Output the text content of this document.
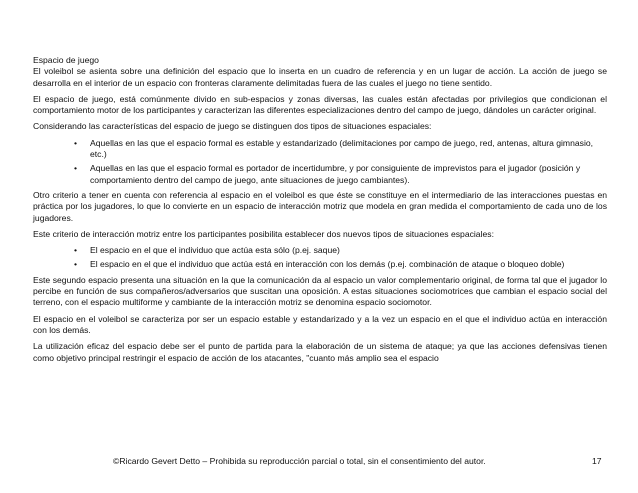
Espacio de juego

El voleibol se asienta sobre una definición del espacio que lo inserta en un cuadro de referencia y en un lugar de acción. La acción de juego se desarrolla en el interior de un espacio con fronteras claramente delimitadas fuera de las cuales el juego no tiene sentido.

El espacio de juego, está comúnmente divido en sub-espacios y zonas diversas, las cuales están afectadas por privilegios que condicionan el comportamiento motor de los participantes y caracterizan las diferentes especializaciones dentro del campo de juego, dándoles un carácter original.

Considerando las características del espacio de juego se distinguen dos tipos de situaciones espaciales:

• Aquellas en las que el espacio formal es estable y estandarizado (delimitaciones por campo de juego, red, antenas, altura gimnasio, etc.)
• Aquellas en las que el espacio formal es portador de incertidumbre, y por consiguiente de imprevistos para el jugador (posición y comportamiento dentro del campo de juego, ante situaciones de juego cambiantes).

Otro criterio a tener en cuenta con referencia al espacio en el voleibol es que éste se constituye en el intermediario de las interacciones puestas en práctica por los jugadores, lo que lo convierte en un espacio de interacción motriz que modela en gran medida el comportamiento de cada uno de los jugadores.

Este criterio de interacción motriz entre los participantes posibilita establecer dos nuevos tipos de situaciones espaciales:

• El espacio en el que el individuo que actúa esta sólo (p.ej. saque)
• El espacio en el que el individuo que actúa está en interacción con los demás (p.ej. combinación de ataque o bloqueo doble)

Este segundo espacio presenta una situación en la que la comunicación da al espacio un valor complementario original, de forma tal que el jugador lo percibe en función de sus compañeros/adversarios que suscitan una oposición. A estas situaciones sociomotrices que cambian el espacio social del terreno, con el espacio multiforme y cambiante de la interacción motriz se denomina espacio sociomotor.

El espacio en el voleibol se caracteriza por ser un espacio estable y estandarizado y a la vez un espacio en el que el individuo actúa en interacción con los demás.

La utilización eficaz del espacio debe ser el punto de partida para la elaboración de un sistema de ataque; ya que las acciones defensivas tienen como objetivo principal restringir el espacio de acción de los atacantes, "cuanto más amplio sea el espacio

©Ricardo Gevert Detto – Prohibida su reproducción parcial o total, sin el consentimiento del autor.	17
